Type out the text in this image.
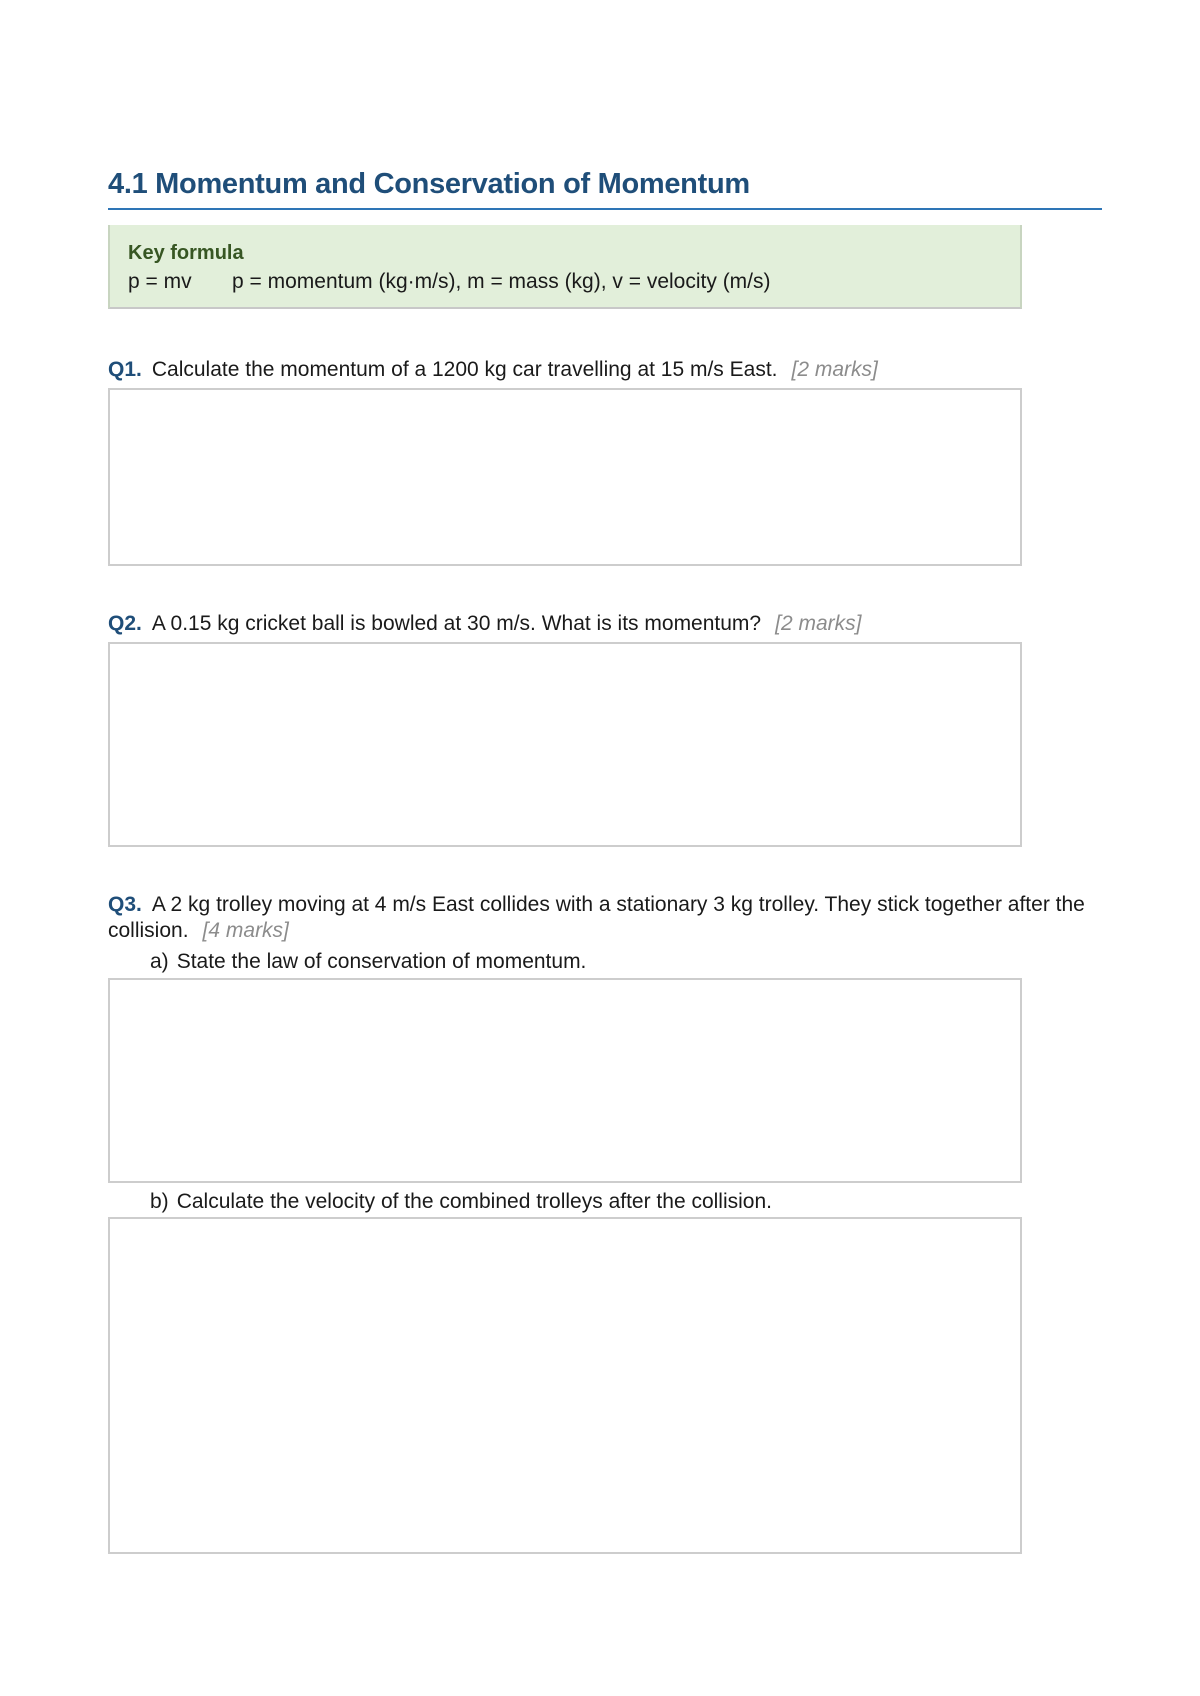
4.1 Momentum and Conservation of Momentum
Key formula
p = mv p = momentum (kg·m/s), m = mass (kg), v = velocity (m/s)
Q1. Calculate the momentum of a 1200 kg car travelling at 15 m/s East. [2 marks]
Q2. A 0.15 kg cricket ball is bowled at 30 m/s. What is its momentum? [2 marks]
Q3. A 2 kg trolley moving at 4 m/s East collides with a stationary 3 kg trolley. They stick together after the collision. [4 marks]
a) State the law of conservation of momentum.
b) Calculate the velocity of the combined trolleys after the collision.
